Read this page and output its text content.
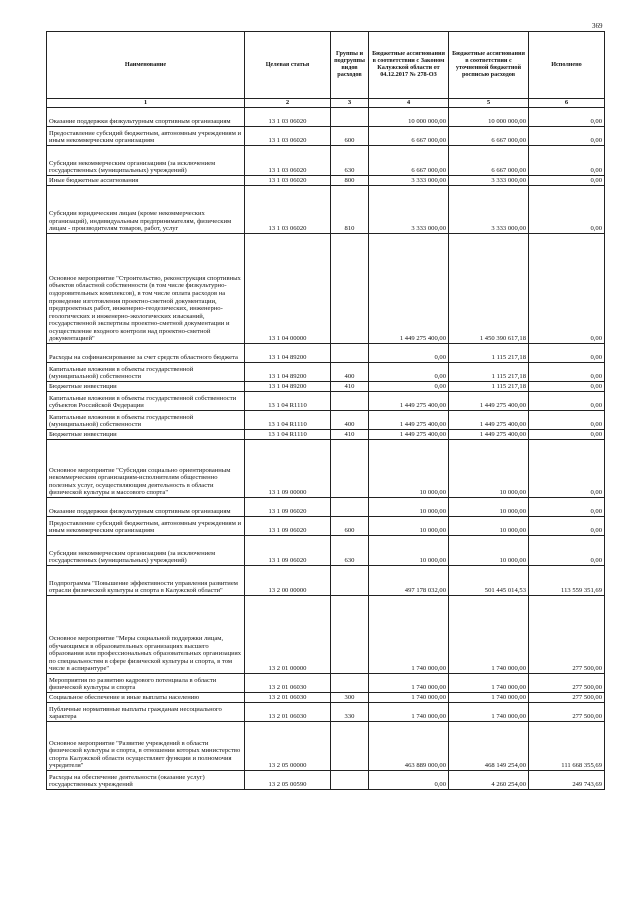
369
Наименование	Целевая статья	Группы и подгруппы видов расходов	Бюджетные ассигнования в соответствии с Законом Калужской области от 04.12.2017 № 278-ОЗ	Бюджетные ассигнования в соответствии с уточненной бюджетной росписью расходов	Исполнено
1	2	3	4	5	6
Оказание поддержки физкультурным спортивным организациям	13 1 03 06020		10 000 000,00	10 000 000,00	0,00
Предоставление субсидий бюджетным, автономным учреждениям и иным некоммерческим организациям	13 1 03 06020	600	6 667 000,00	6 667 000,00	0,00
Субсидии некоммерческим организациям (за исключением государственных (муниципальных) учреждений)	13 1 03 06020	630	6 667 000,00	6 667 000,00	0,00
Иные бюджетные ассигнования	13 1 03 06020	800	3 333 000,00	3 333 000,00	0,00
Субсидии юридическим лицам (кроме некоммерческих организаций), индивидуальным предпринимателям, физическим лицам - производителям товаров, работ, услуг	13 1 03 06020	810	3 333 000,00	3 333 000,00	0,00
Основное мероприятие "Строительство, реконструкция спортивных объектов областной собственности (в том числе физкультурно-оздоровительных комплексов), в том числе оплата расходов на проведение изготовления проектно-сметной документации, предпроектных работ, инженерно-геодезических, инженерно-геологических и инженерно-экологических изысканий, государственной экспертизы проектно-сметной документации и осуществление входного контроля над проектно-сметной документацией"	13 1 04 00000		1 449 275 400,00	1 450 390 617,18	0,00
Расходы на софинансирование за счет средств областного бюджета	13 1 04 89200		0,00	1 115 217,18	0,00
Капитальные вложения в объекты государственной (муниципальной) собственности	13 1 04 89200	400	0,00	1 115 217,18	0,00
Бюджетные инвестиции	13 1 04 89200	410	0,00	1 115 217,18	0,00
Капитальные вложения в объекты государственной собственности субъектов Российской Федерации	13 1 04 R1110		1 449 275 400,00	1 449 275 400,00	0,00
Капитальные вложения в объекты государственной (муниципальной) собственности	13 1 04 R1110	400	1 449 275 400,00	1 449 275 400,00	0,00
Бюджетные инвестиции	13 1 04 R1110	410	1 449 275 400,00	1 449 275 400,00	0,00
Основное мероприятие "Субсидии социально ориентированным некоммерческим организациям-исполнителям общественно полезных услуг, осуществляющим деятельность в области физической культуры и массового спорта"	13 1 09 00000		10 000,00	10 000,00	0,00
Оказание поддержки физкультурным спортивным организациям	13 1 09 06020		10 000,00	10 000,00	0,00
Предоставление субсидий бюджетным, автономным учреждениям и иным некоммерческим организациям	13 1 09 06020	600	10 000,00	10 000,00	0,00
Субсидии некоммерческим организациям (за исключением государственных (муниципальных) учреждений)	13 1 09 06020	630	10 000,00	10 000,00	0,00
Подпрограмма "Повышение эффективности управления развитием отрасли физической культуры и спорта в Калужской области"	13 2 00 00000		497 178 032,00	501 445 014,53	113 559 351,69
Основное мероприятие "Меры социальной поддержки лицам, обучающимся в образовательных организациях высшего образования или профессиональных образовательных организациях по специальностям в сфере физической культуры и спорта, в том числе в аспирантуре"	13 2 01 00000		1 740 000,00	1 740 000,00	277 500,00
Мероприятия по развитию кадрового потенциала в области физической культуры и спорта	13 2 01 06030		1 740 000,00	1 740 000,00	277 500,00
Социальное обеспечение и иные выплаты населению	13 2 01 06030	300	1 740 000,00	1 740 000,00	277 500,00
Публичные нормативные выплаты гражданам несоциального характера	13 2 01 06030	330	1 740 000,00	1 740 000,00	277 500,00
Основное мероприятие "Развитие учреждений в области физической культуры и спорта, в отношении которых министерство спорта Калужской области осуществляет функции и полномочия учредителя"	13 2 05 00000		463 889 000,00	468 149 254,00	111 668 355,69
Расходы на обеспечение деятельности (оказание услуг) государственных учреждений	13 2 05 00590		0,00	4 260 254,00	249 743,69
